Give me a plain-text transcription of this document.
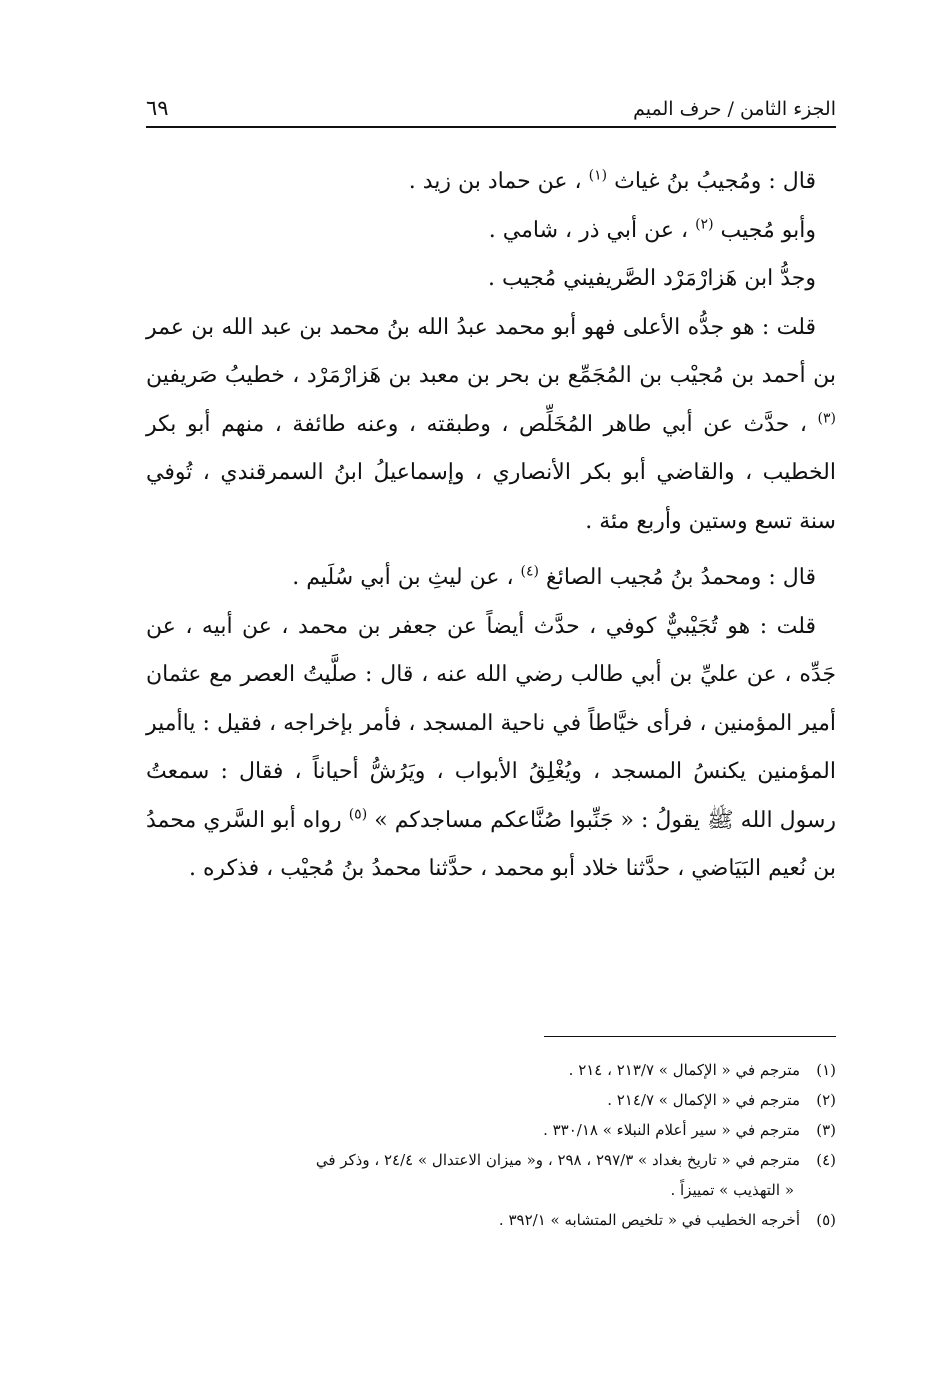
الجزء الثامن / حرف الميم
٦٩

قال : ومُجيبُ بنُ غياث $^{(١)}$ ، عن حماد بن زيد .

وأبو مُجيب $^{(٢)}$ ، عن أبي ذر ، شامي .

وجدُّ ابن هَزارْمَرْد الصَّريفيني مُجيب .

قلت : هو جدُّه الأعلى فهو أبو محمد عبدُ الله بنُ محمد بن عبد الله بن عمر بن أحمد بن مُجيْب بن المُجَمِّع بن بحر بن معبد بن هَزارْمَرْد ، خطيبُ صَريفين $^{(٣)}$ ، حدَّث عن أبي طاهر المُخَلِّص ، وطبقته ، وعنه طائفة ، منهم أبو بكر الخطيب ، والقاضي أبو بكر الأنصاري ، وإسماعيلُ ابنُ السمرقندي ، تُوفي سنة تسع وستين وأربع مئة .

قال : ومحمدُ بنُ مُجيب الصائغ $^{(٤)}$ ، عن ليثِ بن أبي سُلَيم .

قلت : هو تُجَيْبيٌّ كوفي ، حدَّث أيضاً عن جعفر بن محمد ، عن أبيه ، عن جَدِّه ، عن عليِّ بن أبي طالب رضي الله عنه ، قال : صلَّيتُ العصر مع عثمان أمير المؤمنين ، فرأى خيَّاطاً في ناحية المسجد ، فأمر بإخراجه ، فقيل : ياأمير المؤمنين يكنسُ المسجد ، ويُغْلِقُ الأبواب ، ويَرُشُّ أحياناً ، فقال : سمعتُ رسول الله ﷺ يقولُ : « جَنِّبوا صُنَّاعكم مساجدكم » $^{(٥)}$ رواه أبو السَّري محمدُ بن نُعيم البَيَاضي ، حدَّثنا خلاد أبو محمد ، حدَّثنا محمدُ بنُ مُجيْب ، فذكره .

(١)مترجم في « الإكمال » ٢١٣/٧ ، ٢١٤ .

(٢)مترجم في « الإكمال » ٢١٤/٧ .

(٣)مترجم في « سير أعلام النبلاء » ٣٣٠/١٨ .

(٤)مترجم في « تاريخ بغداد » ٢٩٧/٣ ، ٢٩٨ ، و« ميزان الاعتدال » ٢٤/٤ ، وذكر في

« التهذيب » تمييزاً .

(٥)أخرجه الخطيب في « تلخيص المتشابه » ٣٩٢/١ .
